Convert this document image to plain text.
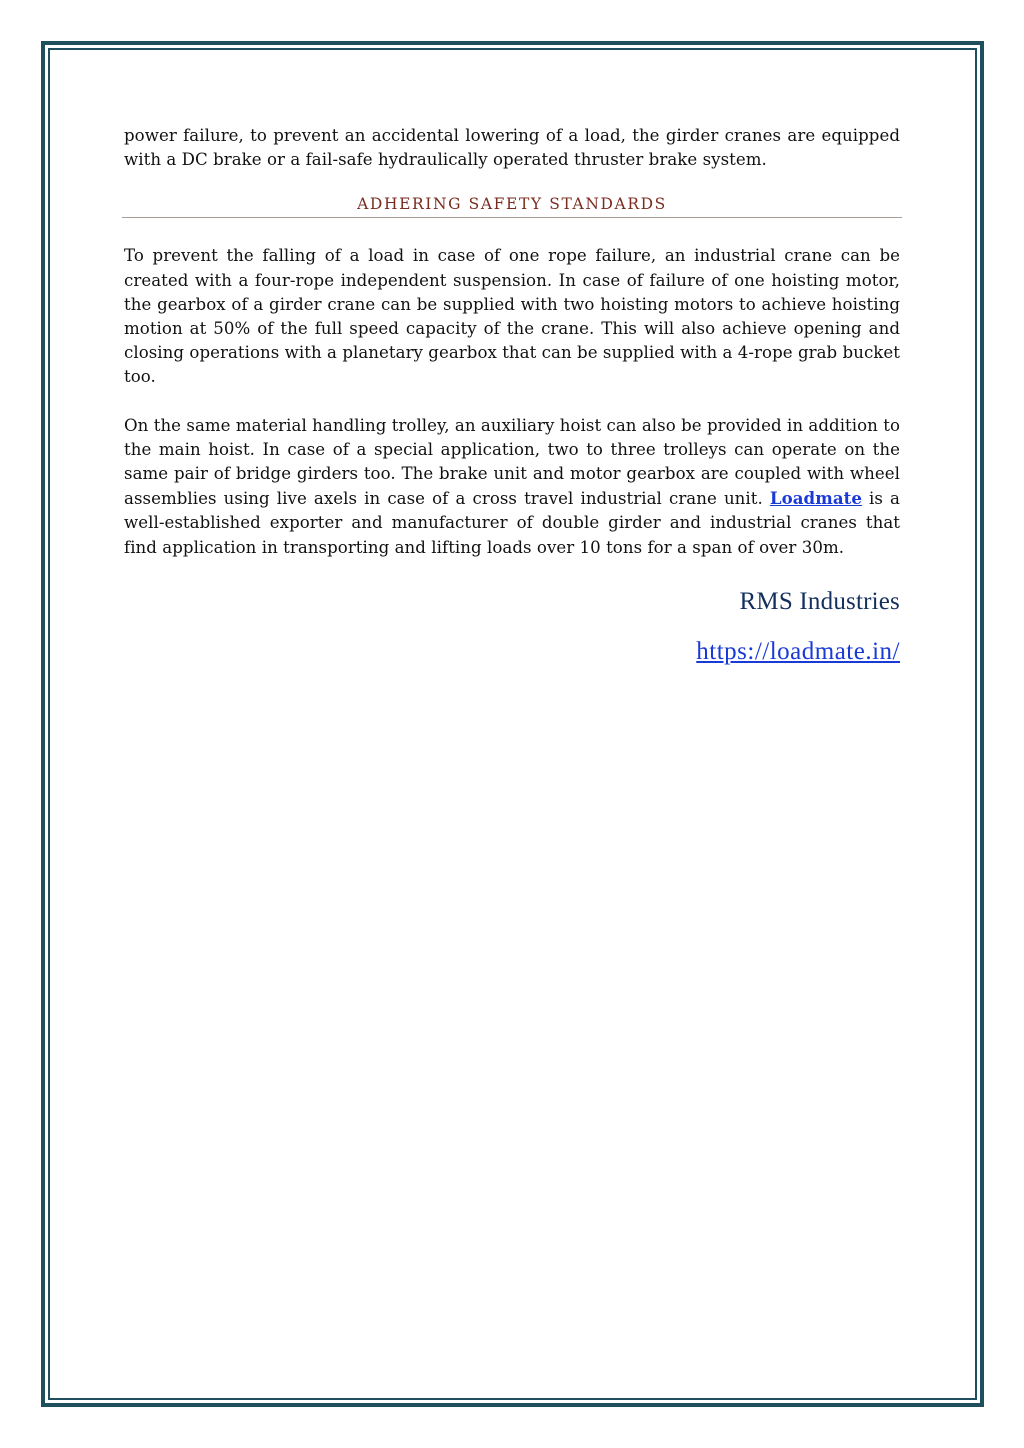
power failure, to prevent an accidental lowering of a load, the girder cranes are equipped with a DC brake or a fail-safe hydraulically operated thruster brake system.

ADHERING SAFETY STANDARDS

To prevent the falling of a load in case of one rope failure, an industrial crane can be created with a four-rope independent suspension. In case of failure of one hoisting motor, the gearbox of a girder crane can be supplied with two hoisting motors to achieve hoisting motion at 50% of the full speed capacity of the crane. This will also achieve opening and closing operations with a planetary gearbox that can be supplied with a 4-rope grab bucket too.

On the same material handling trolley, an auxiliary hoist can also be provided in addition to the main hoist. In case of a special application, two to three trolleys can operate on the same pair of bridge girders too. The brake unit and motor gearbox are coupled with wheel assemblies using live axels in case of a cross travel industrial crane unit. Loadmate is a well-established exporter and manufacturer of double girder and industrial cranes that find application in transporting and lifting loads over 10 tons for a span of over 30m.

RMS Industries
https://loadmate.in/
